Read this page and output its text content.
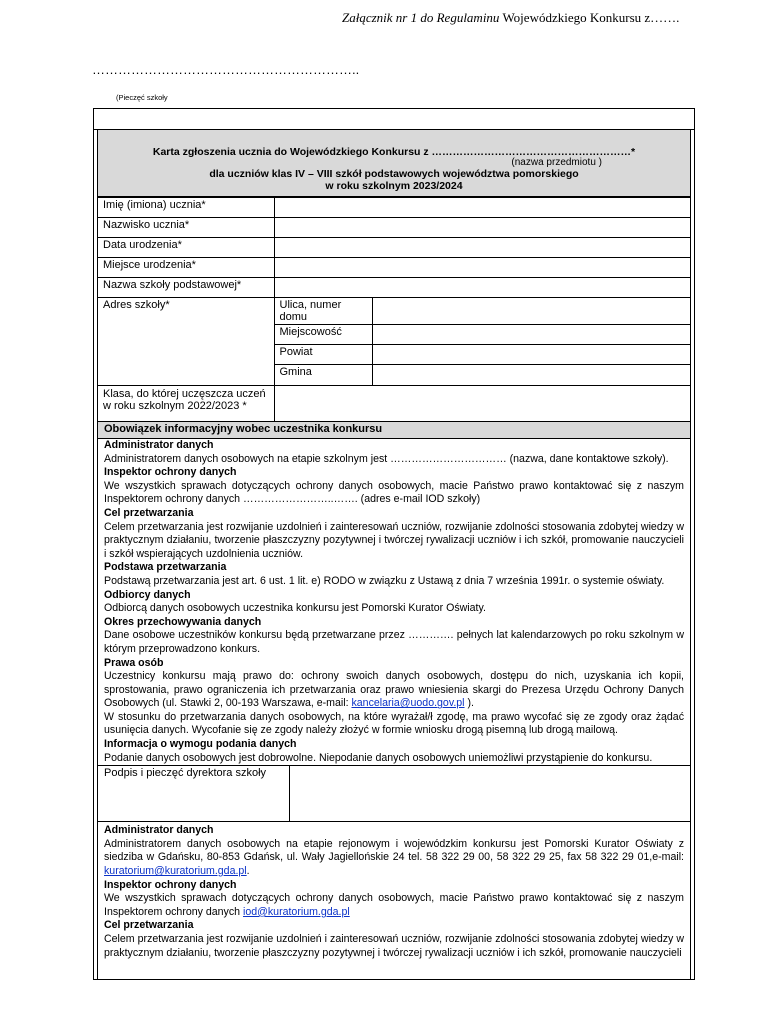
Załącznik nr 1 do Regulaminu Wojewódzkiego Konkursu z…….
……………………………………………………..
(Pieczęć szkoły
Karta zgłoszenia ucznia do Wojewódzkiego Konkursu z …………………………………………………*
(nazwa przedmiotu )
dla uczniów klas IV – VIII szkół podstawowych województwa pomorskiego
w roku szkolnym 2023/2024
Imię (imiona) ucznia*	
Nazwisko ucznia*	
Data urodzenia*	
Miejsce urodzenia*	
Nazwa szkoły podstawowej*	
Adres szkoły*		Ulica, numer domu	
Miejscowość	
Powiat	
Gmina	

Klasa, do której uczęszcza uczeń
w roku szkolnym 2022/2023 *	
Obowiązek informacyjny wobec uczestnika konkursu
Administrator danych

Administratorem danych osobowych na etapie szkolnym jest …………………………… (nazwa, dane kontaktowe szkoły).

Inspektor ochrony danych

We wszystkich sprawach dotyczących ochrony danych osobowych, macie Państwo prawo kontaktować się z naszym Inspektorem ochrony danych ……………………..……. (adres e-mail IOD szkoły)

Cel przetwarzania

Celem przetwarzania jest rozwijanie uzdolnień i zainteresowań uczniów, rozwijanie zdolności stosowania zdobytej wiedzy w praktycznym działaniu, tworzenie płaszczyzny pozytywnej i twórczej rywalizacji uczniów i ich szkół, promowanie nauczycieli i szkół wspierających uzdolnienia uczniów.

Podstawa przetwarzania

Podstawą przetwarzania jest art. 6 ust. 1 lit. e) RODO w związku z Ustawą z dnia 7 września 1991r. o systemie oświaty.

Odbiorcy danych

Odbiorcą danych osobowych uczestnika konkursu jest Pomorski Kurator Oświaty.

Okres przechowywania danych

Dane osobowe uczestników konkursu będą przetwarzane przez …………. pełnych lat kalendarzowych po roku szkolnym w którym przeprowadzono konkurs.

Prawa osób

Uczestnicy konkursu mają prawo do: ochrony swoich danych osobowych, dostępu do nich, uzyskania ich kopii, sprostowania, prawo ograniczenia ich przetwarzania oraz prawo wniesienia skargi do Prezesa Urzędu Ochrony Danych Osobowych (ul. Stawki 2, 00-193 Warszawa, e-mail: kancelaria@uodo.gov.pl ).

W stosunku do przetwarzania danych osobowych, na które wyrażał/ł zgodę, ma prawo wycofać się ze zgody oraz żądać usunięcia danych. Wycofanie się ze zgody należy złożyć w formie wniosku drogą pisemną lub drogą mailową.

Informacja o wymogu podania danych

Podanie danych osobowych jest dobrowolne. Niepodanie danych osobowych uniemożliwi przystąpienie do konkursu.

Podpis i pieczęć dyrektora szkoły
Administrator danych

Administratorem danych osobowych na etapie rejonowym i wojewódzkim konkursu jest Pomorski Kurator Oświaty z siedziba w Gdańsku, 80-853 Gdańsk, ul. Wały Jagiellońskie 24 tel. 58 322 29 00, 58 322 29 25, fax 58 322 29 01,e-mail: kuratorium@kuratorium.gda.pl.

Inspektor ochrony danych

We wszystkich sprawach dotyczących ochrony danych osobowych, macie Państwo prawo kontaktować się z naszym Inspektorem ochrony danych iod@kuratorium.gda.pl

Cel przetwarzania

Celem przetwarzania jest rozwijanie uzdolnień i zainteresowań uczniów, rozwijanie zdolności stosowania zdobytej wiedzy w praktycznym działaniu, tworzenie płaszczyzny pozytywnej i twórczej rywalizacji uczniów i ich szkół, promowanie nauczycieli
